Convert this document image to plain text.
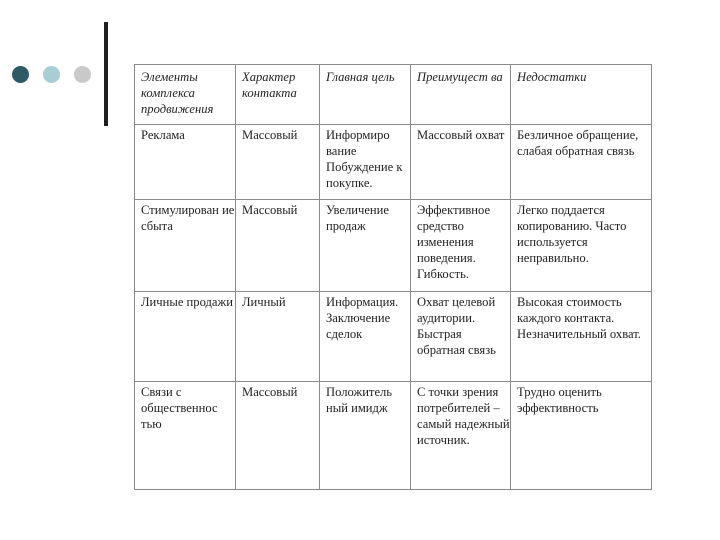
Элементы комплекса продвижения	Характер контакта	Главная цель	Преимущест ва	Недостатки
Реклама	Массовый	Информиро вание Побуждение к покупке.	Массовый охват	Безличное обращение, слабая обратная связь
Стимулирован ие сбыта	Массовый	Увеличение продаж	Эффективное средство изменения поведения. Гибкость.	Легко поддается копированию. Часто используется неправильно.
Личные продажи	Личный	Информация. Заключение сделок	Охват целевой аудитории. Быстрая обратная связь	Высокая стоимость каждого контакта. Незначительный охват.
Связи с общественнос тью	Массовый	Положитель ный имидж	С точки зрения потребителей – самый надежный источник.	Трудно оценить эффективность
